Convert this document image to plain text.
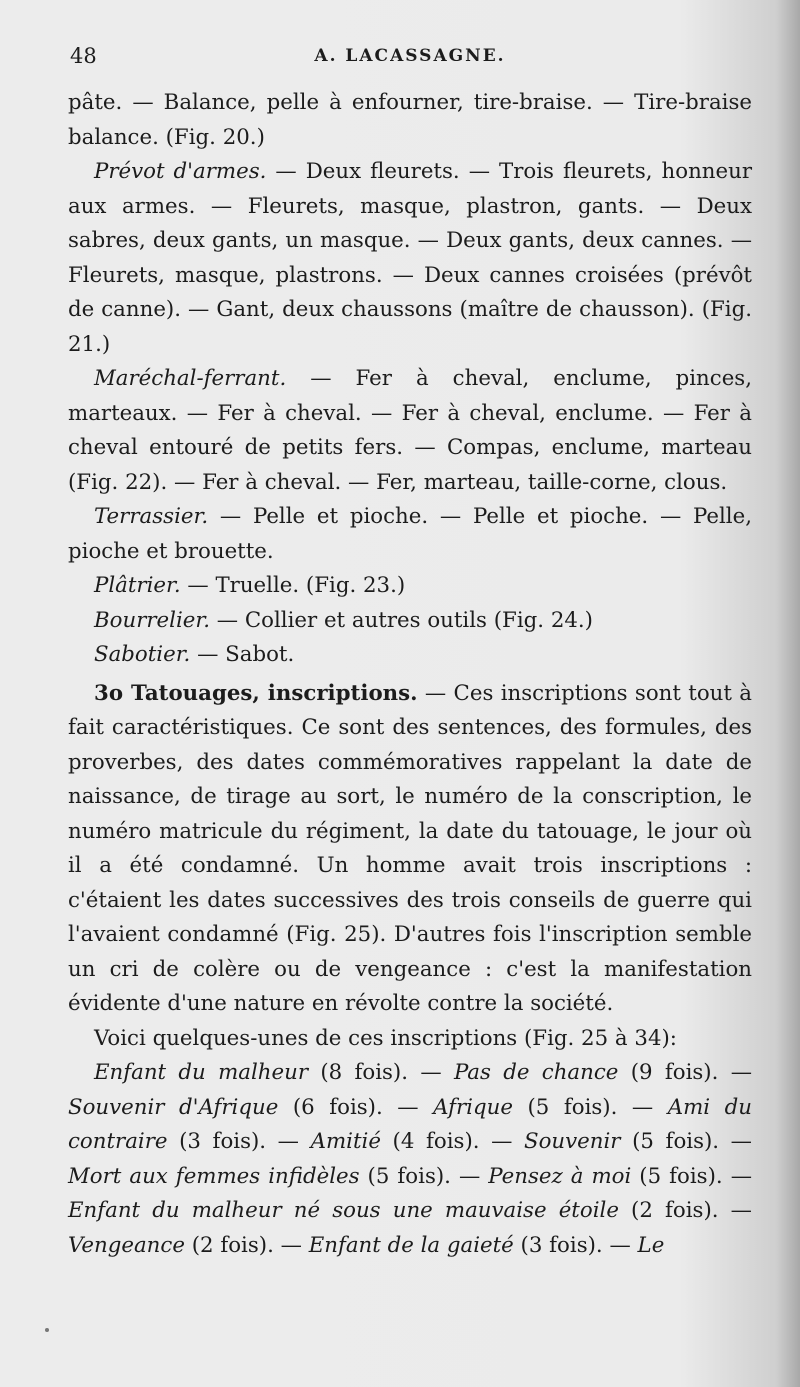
48	A. LACASSAGNE.

pâte. — Balance, pelle à enfourner, tire-braise. — Tire-braise balance. (Fig. 20.)

Prévot d'armes. — Deux fleurets. — Trois fleurets, honneur aux armes. — Fleurets, masque, plastron, gants. — Deux sabres, deux gants, un masque. — Deux gants, deux cannes. — Fleurets, masque, plastrons. — Deux cannes croisées (prévôt de canne). — Gant, deux chaussons (maître de chausson). (Fig. 21.)

Maréchal-ferrant. — Fer à cheval, enclume, pinces, marteaux. — Fer à cheval. — Fer à cheval, enclume. — Fer à cheval entouré de petits fers. — Compas, enclume, marteau (Fig. 22). — Fer à cheval. — Fer, marteau, taille-corne, clous.

Terrassier. — Pelle et pioche. — Pelle et pioche. — Pelle, pioche et brouette.

Plâtrier. — Truelle. (Fig. 23.)

Bourrelier. — Collier et autres outils (Fig. 24.)

Sabotier. — Sabot.

3o Tatouages, inscriptions. — Ces inscriptions sont tout à fait caractéristiques. Ce sont des sentences, des formules, des proverbes, des dates commémoratives rappelant la date de naissance, de tirage au sort, le numéro de la conscription, le numéro matricule du régiment, la date du tatouage, le jour où il a été condamné. Un homme avait trois inscriptions : c'étaient les dates successives des trois conseils de guerre qui l'avaient condamné (Fig. 25). D'autres fois l'inscription semble un cri de colère ou de vengeance : c'est la manifestation évidente d'une nature en révolte contre la société.

Voici quelques-unes de ces inscriptions (Fig. 25 à 34):

Enfant du malheur (8 fois). — Pas de chance (9 fois). — Souvenir d'Afrique (6 fois). — Afrique (5 fois). — Ami du contraire (3 fois). — Amitié (4 fois). — Souvenir (5 fois). — Mort aux femmes infidèles (5 fois). — Pensez à moi (5 fois). — Enfant du malheur né sous une mauvaise étoile (2 fois). — Vengeance (2 fois). — Enfant de la gaieté (3 fois). — Le
